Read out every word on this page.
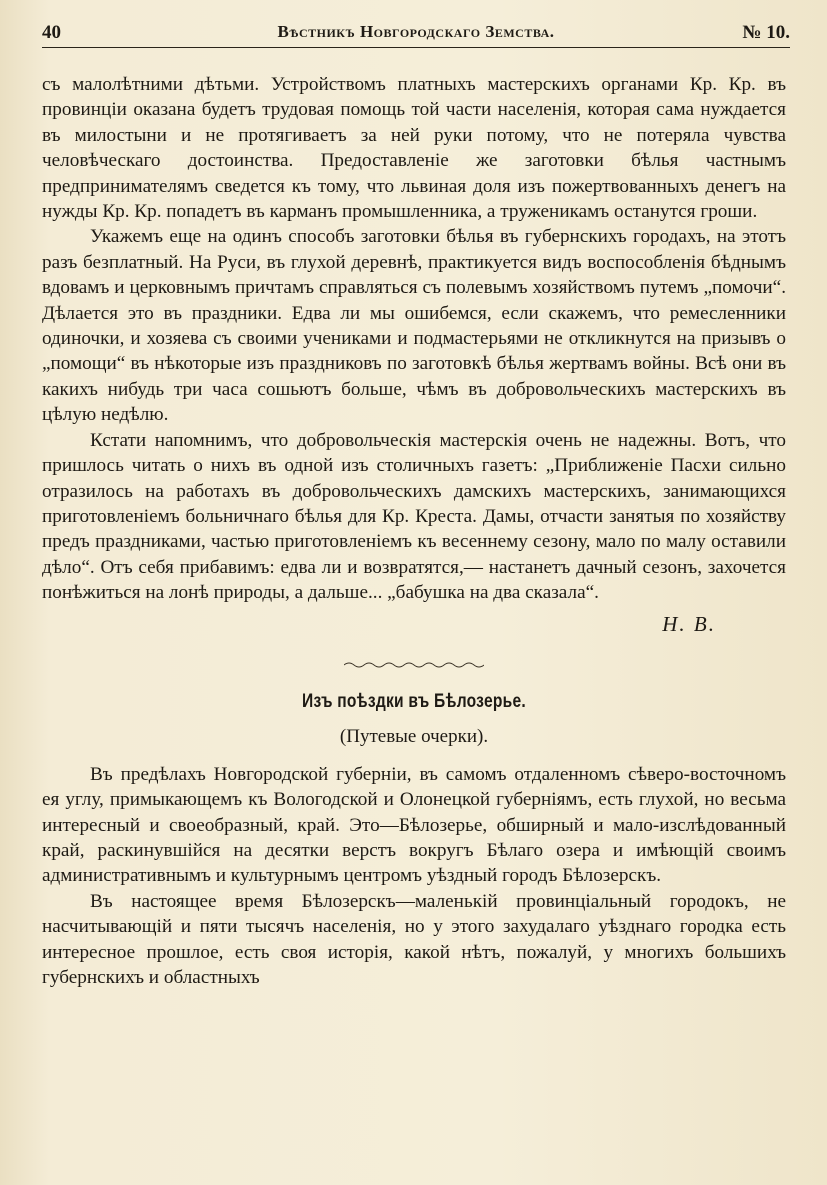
40	Вѣстникъ Новгородскаго Земства.	№ 10.

съ малолѣтними дѣтьми. Устройствомъ платныхъ мастерскихъ органами Кр. Кр. въ провинціи оказана будетъ трудовая помощь той части населенія, которая сама нуждается въ милостыни и не протягиваетъ за ней руки потому, что не потеряла чувства человѣческаго достоинства. Предоставленіе же заготовки бѣлья частнымъ предпринимателямъ сведется къ тому, что львиная доля изъ пожертвованныхъ денегъ на нужды Кр. Кр. попадетъ въ карманъ промышленника, а труженикамъ останутся гроши.

Укажемъ еще на одинъ способъ заготовки бѣлья въ губернскихъ городахъ, на этотъ разъ безплатный. На Руси, въ глухой деревнѣ, практикуется видъ воспособленія бѣднымъ вдовамъ и церковнымъ причтамъ справляться съ полевымъ хозяйствомъ путемъ „помочи“. Дѣлается это въ праздники. Едва ли мы ошибемся, если скажемъ, что ремесленники одиночки, и хозяева съ своими учениками и подмастерьями не откликнутся на призывъ о „помощи“ въ нѣкоторые изъ праздниковъ по заготовкѣ бѣлья жертвамъ войны. Всѣ они въ какихъ нибудь три часа сошьютъ больше, чѣмъ въ добровольческихъ мастерскихъ въ цѣлую недѣлю.

Кстати напомнимъ, что добровольческія мастерскія очень не надежны. Вотъ, что пришлось читать о нихъ въ одной изъ столичныхъ газетъ: „Приближеніе Пасхи сильно отразилось на работахъ въ добровольческихъ дамскихъ мастерскихъ, занимающихся приготовленіемъ больничнаго бѣлья для Кр. Креста. Дамы, отчасти занятыя по хозяйству предъ праздниками, частью приготовленіемъ къ весеннему сезону, мало по малу оставили дѣло“. Отъ себя прибавимъ: едва ли и возвратятся,— настанетъ дачный сезонъ, захочется понѣжиться на лонѣ природы, а дальше... „бабушка на два сказала“.

Н. В.
Изъ поѣздки въ Бѣлозерье.
(Путевые очерки).

Въ предѣлахъ Новгородской губерніи, въ самомъ отдаленномъ сѣверо-восточномъ ея углу, примыкающемъ къ Вологодской и Олонецкой губерніямъ, есть глухой, но весьма интересный и своеобразный, край. Это—Бѣлозерье, обширный и мало-изслѣдованный край, раскинувшійся на десятки верстъ вокругъ Бѣлаго озера и имѣющій своимъ административнымъ и культурнымъ центромъ уѣздный городъ Бѣлозерскъ.

Въ настоящее время Бѣлозерскъ—маленькій провинціальный городокъ, не насчитывающій и пяти тысячъ населенія, но у этого захудалаго уѣзднаго городка есть интересное прошлое, есть своя исторія, какой нѣтъ, пожалуй, у многихъ большихъ губернскихъ и областныхъ
